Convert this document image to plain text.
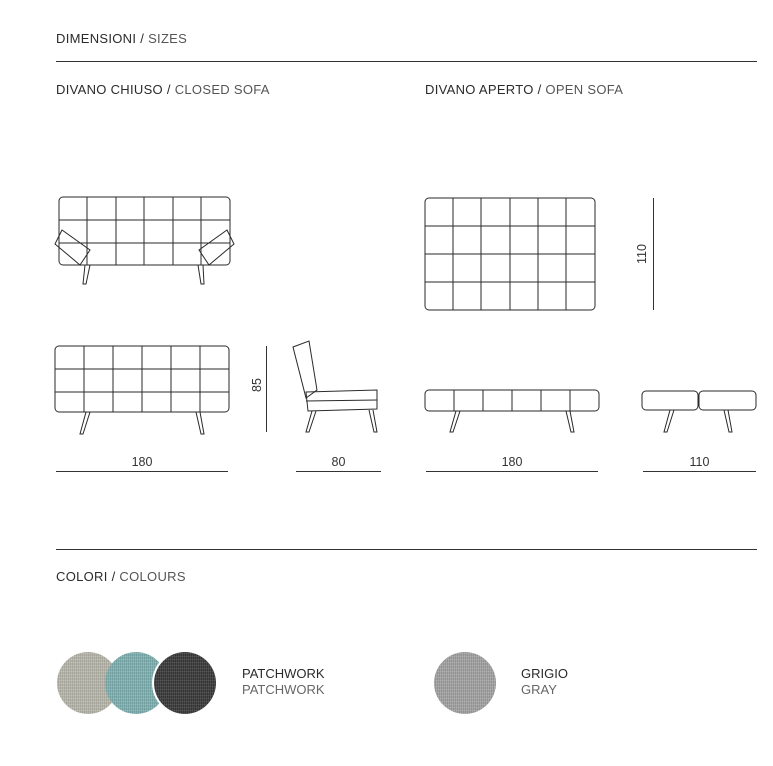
DIMENSIONI / SIZES
DIVANO CHIUSO / CLOSED SOFA	DIVANO APERTO / OPEN SOFA
85
110
180	80	180	110
COLORI / COLOURS
PATCHWORK
PATCHWORK
GRIGIO
GRAY
